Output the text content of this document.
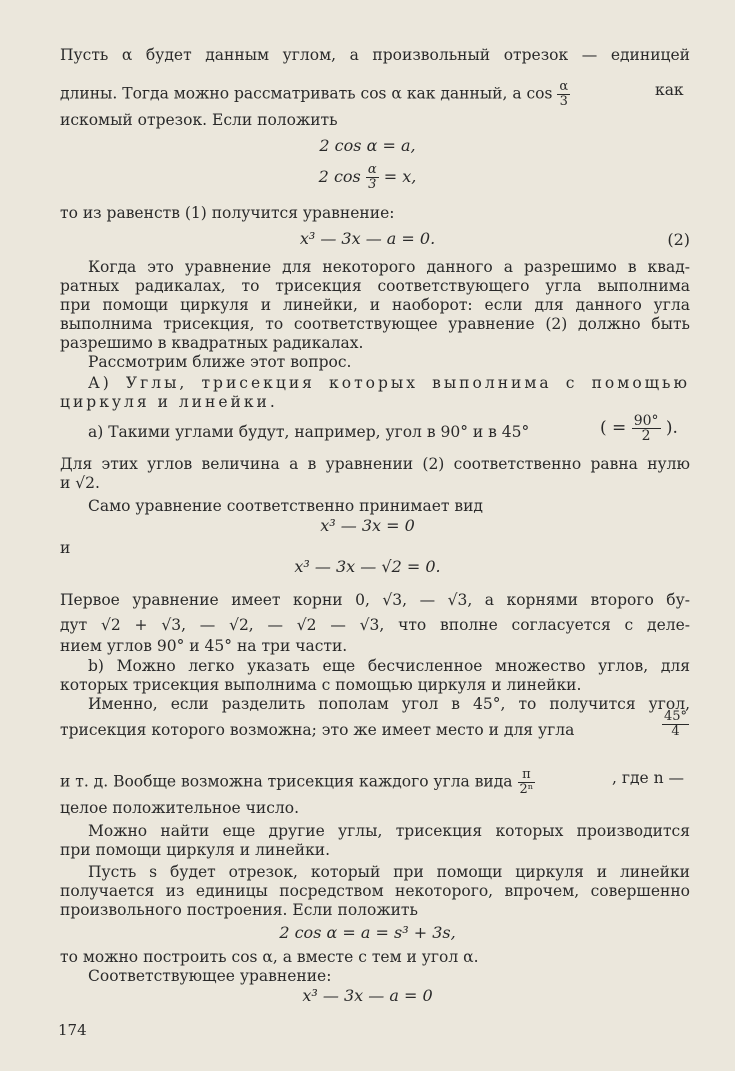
Пусть α будет данным углом, а произвольный отрезок — единицей
длины. Тогда можно рассматривать cos α как данный, а $\cos \frac{\alpha}{3}$	как
искомый отрезок. Если положить
2 cos α = a,
2 $\cos \frac{\alpha}{3} = x$,
то из равенств (1) получится уравнение:
x³ — 3x — a = 0.	(2)
Когда это уравнение для некоторого данного a разрешимо в квад-
ратных радикалах, то трисекция соответствующего угла выполнима
при помощи циркуля и линейки, и наоборот: если для данного угла
выполнима трисекция, то соответствующее уравнение (2) должно быть
разрешимо в квадратных радикалах.
Рассмотрим ближе этот вопрос.
А) Углы, трисекция которых выполнима с помощью
циркуля и линейки.
a) Такими углами будут, например, угол в 90° и в 45°	( = $\frac{90^\circ}{2}$ ).
Для этих углов величина a в уравнении (2) соответственно равна нулю
и √2.
Само уравнение соответственно принимает вид
x³ — 3x = 0
и
x³ — 3x — √2 = 0.
Первое уравнение имеет корни 0, √3, — √3, а корнями второго бу-
дут √2 + √3, — √2, — √2 — √3, что вполне согласуется с деле-
нием углов 90° и 45° на три части.
b) Можно легко указать еще бесчисленное множество углов, для
которых трисекция выполнима с помощью циркуля и линейки.
Именно, если разделить пополам угол в 45°, то получится угол,
трисекция которого возможна; это же имеет место и для угла	$\frac{45^\circ}{4}$
и т. д. Вообще возможна трисекция каждого угла вида $\frac{\pi}{\text{2ⁿ}}$	, где n —
целое положительное число.
Можно найти еще другие углы, трисекция которых производится
при помощи циркуля и линейки.
Пусть s будет отрезок, который при помощи циркуля и линейки
получается из единицы посредством некоторого, впрочем, совершенно
произвольного построения. Если положить
2 cos α = a = s³ + 3s,
то можно построить cos α, а вместе с тем и угол α.
Соответствующее уравнение:
x³ — 3x — a = 0
174
